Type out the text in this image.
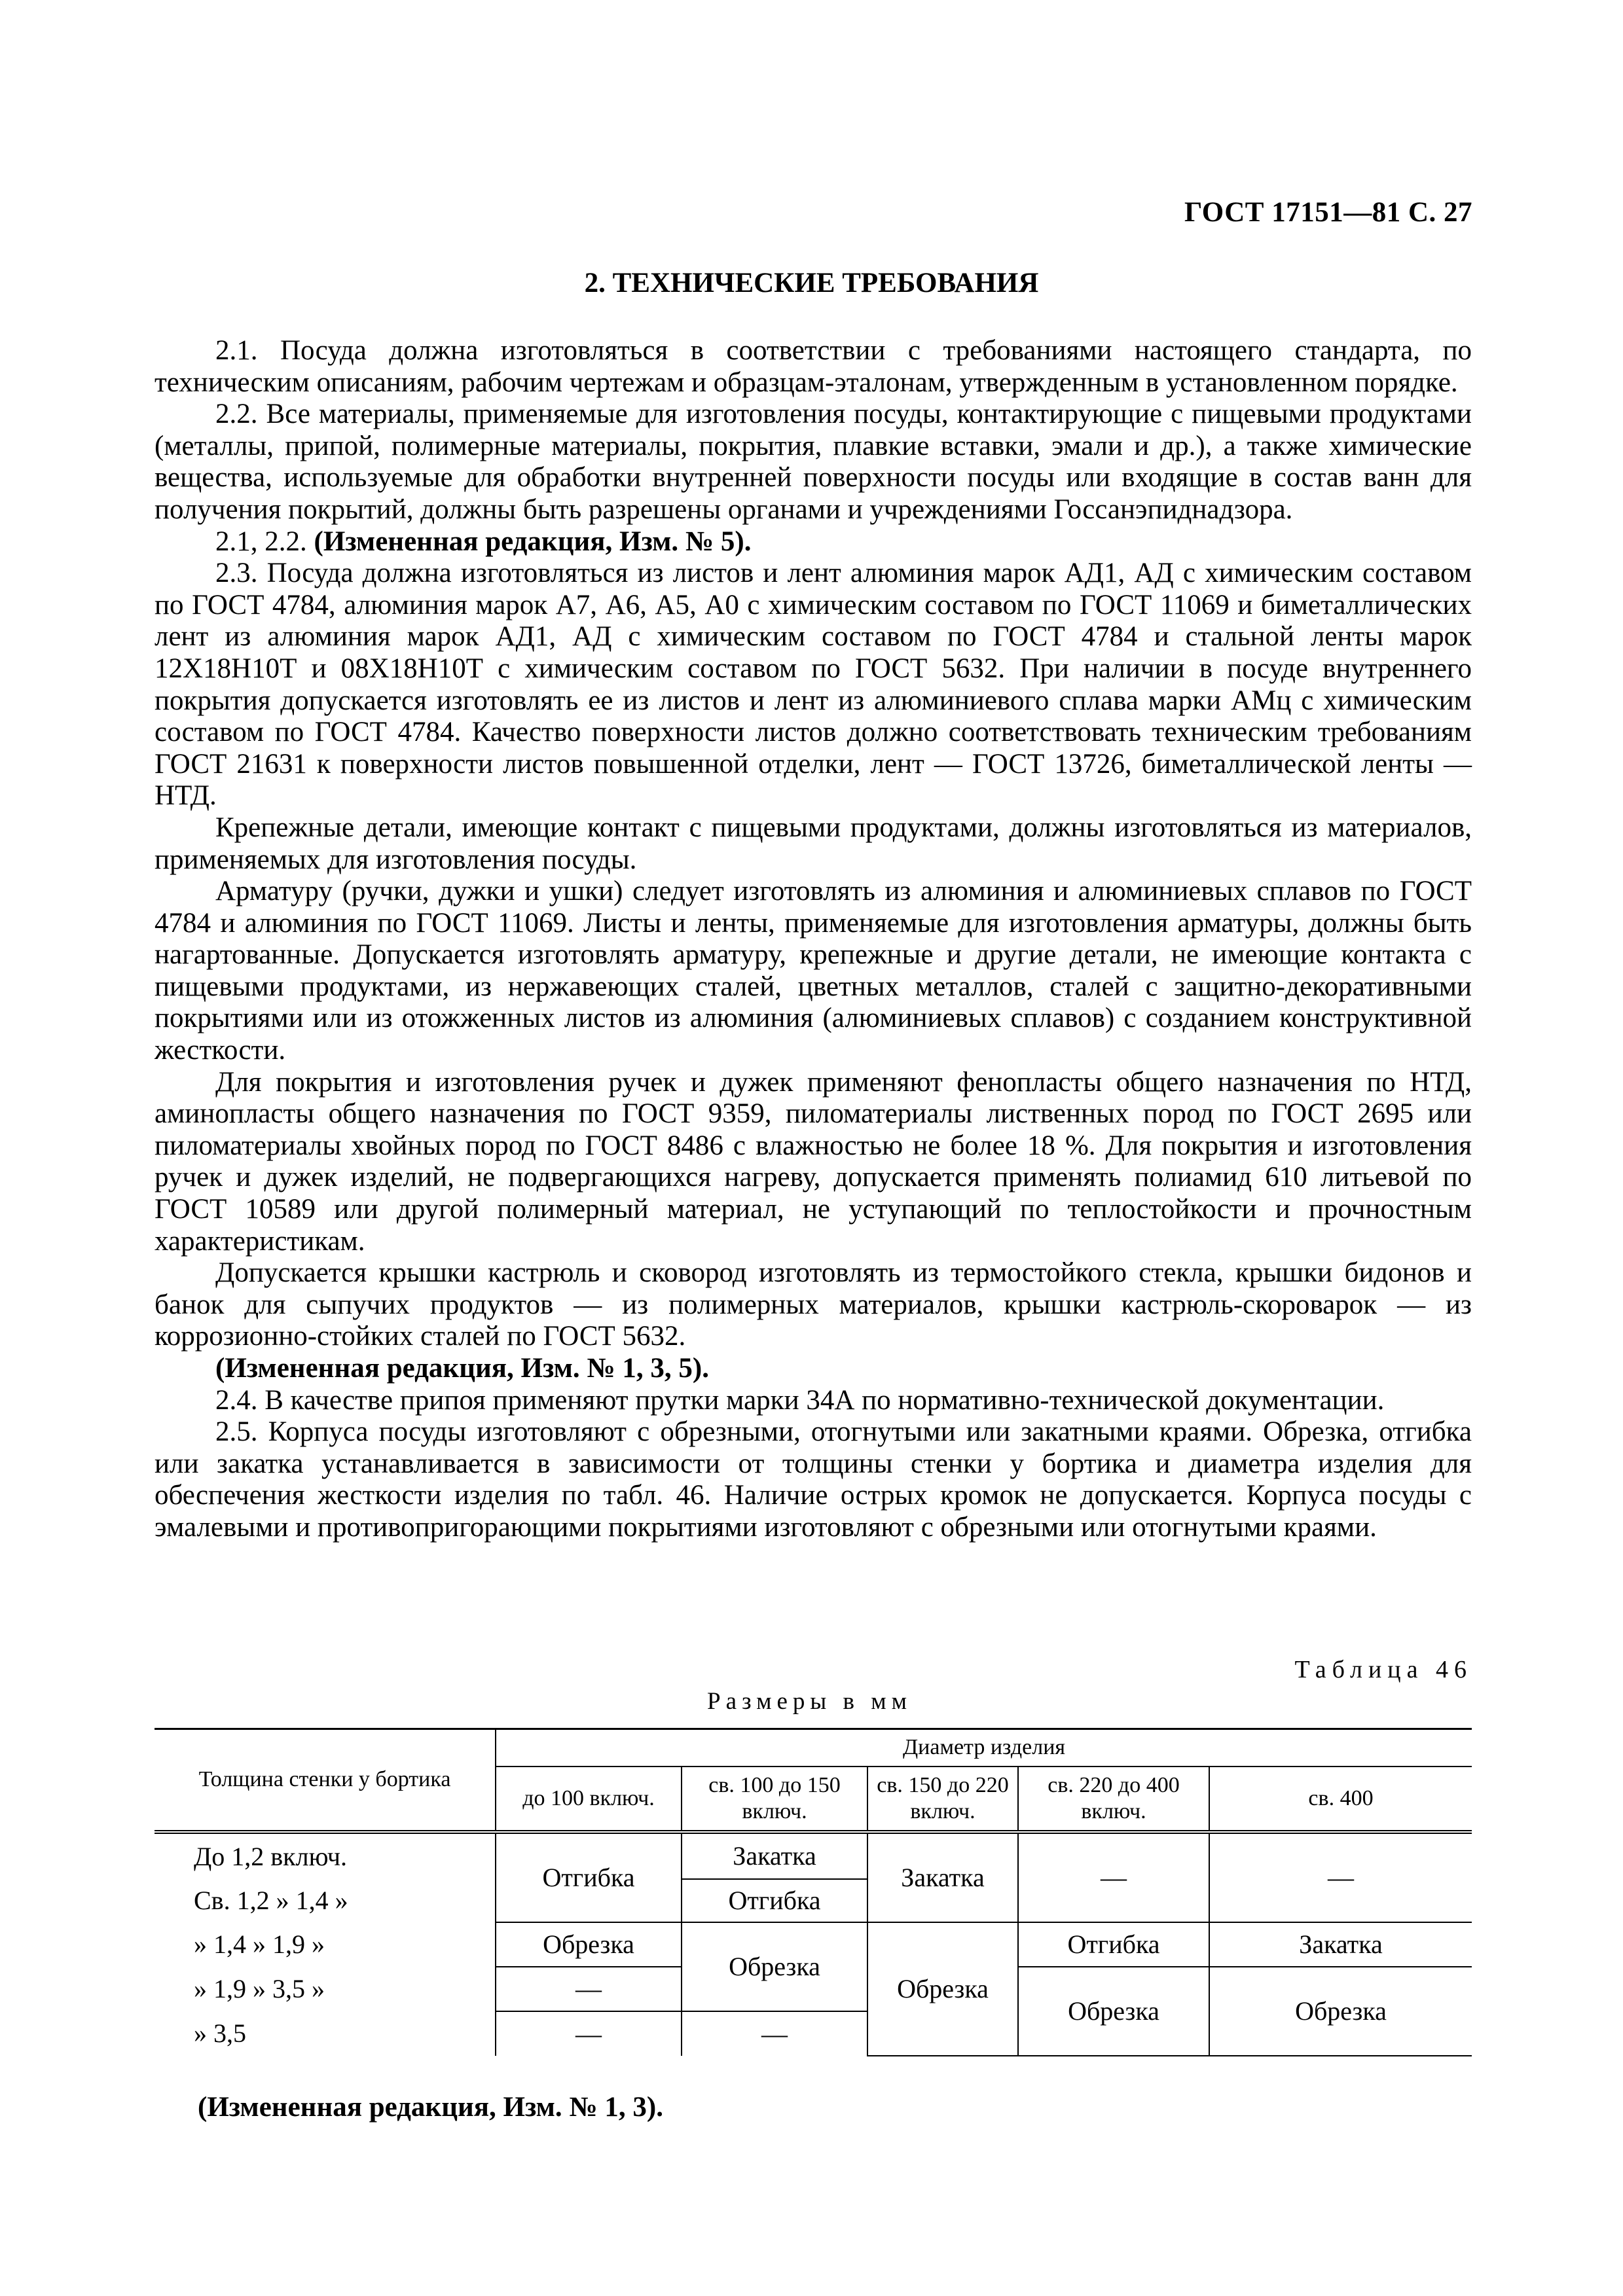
ГОСТ 17151—81 С. 27
2. ТЕХНИЧЕСКИЕ ТРЕБОВАНИЯ

2.1. Посуда должна изготовляться в соответствии с требованиями настоящего стандарта, по техническим описаниям, рабочим чертежам и образцам-эталонам, утвержденным в установленном порядке.

2.2. Все материалы, применяемые для изготовления посуды, контактирующие с пищевыми продуктами (металлы, припой, полимерные материалы, покрытия, плавкие вставки, эмали и др.), а также химические вещества, используемые для обработки внутренней поверхности посуды или входящие в состав ванн для получения покрытий, должны быть разрешены органами и учреждениями Госсанэпиднадзора.

2.1, 2.2. (Измененная редакция, Изм. № 5).

2.3. Посуда должна изготовляться из листов и лент алюминия марок АД1, АД с химическим составом по ГОСТ 4784, алюминия марок А7, А6, А5, А0 с химическим составом по ГОСТ 11069 и биметаллических лент из алюминия марок АД1, АД с химическим составом по ГОСТ 4784 и стальной ленты марок 12Х18Н10Т и 08Х18Н10Т с химическим составом по ГОСТ 5632. При наличии в посуде внутреннего покрытия допускается изготовлять ее из листов и лент из алюминиевого сплава марки АМц с химическим составом по ГОСТ 4784. Качество поверхности листов должно соответствовать техническим требованиям ГОСТ 21631 к поверхности листов повышенной отделки, лент — ГОСТ 13726, биметаллической ленты — НТД.

Крепежные детали, имеющие контакт с пищевыми продуктами, должны изготовляться из материалов, применяемых для изготовления посуды.

Арматуру (ручки, дужки и ушки) следует изготовлять из алюминия и алюминиевых сплавов по ГОСТ 4784 и алюминия по ГОСТ 11069. Листы и ленты, применяемые для изготовления арматуры, должны быть нагартованные. Допускается изготовлять арматуру, крепежные и другие детали, не имеющие контакта с пищевыми продуктами, из нержавеющих сталей, цветных металлов, сталей с защитно-декоративными покрытиями или из отожженных листов из алюминия (алюминиевых сплавов) с созданием конструктивной жесткости.

Для покрытия и изготовления ручек и дужек применяют фенопласты общего назначения по НТД, аминопласты общего назначения по ГОСТ 9359, пиломатериалы лиственных пород по ГОСТ 2695 или пиломатериалы хвойных пород по ГОСТ 8486 с влажностью не более 18 %. Для покрытия и изготовления ручек и дужек изделий, не подвергающихся нагреву, допускается применять полиамид 610 литьевой по ГОСТ 10589 или другой полимерный материал, не уступающий по теплостойкости и прочностным характеристикам.

Допускается крышки кастрюль и сковород изготовлять из термостойкого стекла, крышки бидонов и банок для сыпучих продуктов — из полимерных материалов, крышки кастрюль-скороварок — из коррозионно-стойких сталей по ГОСТ 5632.

(Измененная редакция, Изм. № 1, 3, 5).

2.4. В качестве припоя применяют прутки марки 34А по нормативно-технической документации.

2.5. Корпуса посуды изготовляют с обрезными, отогнутыми или закатными краями. Обрезка, отгибка или закатка устанавливается в зависимости от толщины стенки у бортика и диаметра изделия для обеспечения жесткости изделия по табл. 46. Наличие острых кромок не допускается. Корпуса посуды с эмалевыми и противопригорающими покрытиями изготовляют с обрезными или отогнутыми краями.

Таблица 46
Размеры в мм
Толщина стенки у бортика	Диаметр изделия				
	до 100 включ.	св. 100 до 150 включ.	св. 150 до 220 включ.	св. 220 до 400 включ.	св. 400
До 1,2 включ.	Отгибка	Закатка	Закатка	—	—
Св. 1,2 » 1,4 »		Отгибка			
» 1,4 » 1,9 »	Обрезка	Обрезка	Обрезка	Отгибка	Закатка
» 1,9 » 3,5 »	—			Обрезка	Обрезка
» 3,5	—	—			
(Измененная редакция, Изм. № 1, 3).
